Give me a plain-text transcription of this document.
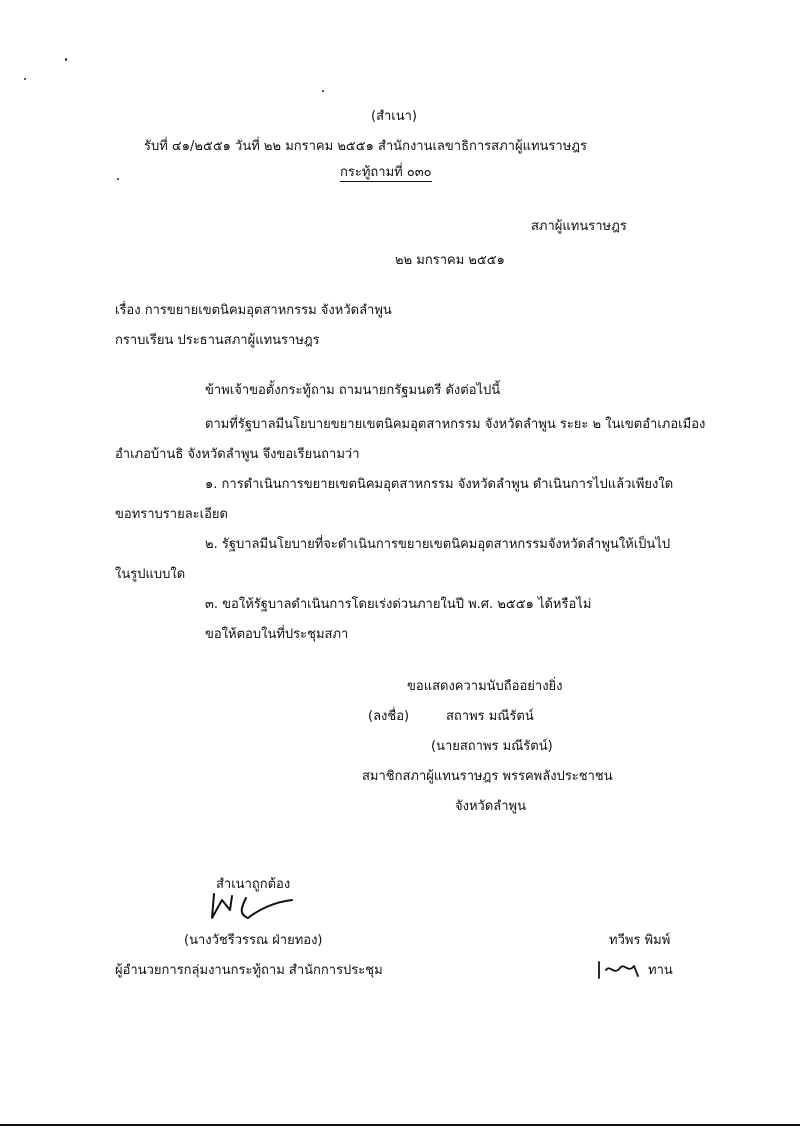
(สำเนา)
รับที่ ๔๑/๒๕๕๑ วันที่ ๒๒ มกราคม ๒๕๕๑ สำนักงานเลขาธิการสภาผู้แทนราษฎร
กระทู้ถามที่ ๐๓๐
สภาผู้แทนราษฎร
๒๒ มกราคม ๒๕๕๑
เรื่อง การขยายเขตนิคมอุตสาหกรรม จังหวัดลำพูน
กราบเรียน ประธานสภาผู้แทนราษฎร
ข้าพเจ้าขอตั้งกระทู้ถาม ถามนายกรัฐมนตรี ดังต่อไปนี้
ตามที่รัฐบาลมีนโยบายขยายเขตนิคมอุตสาหกรรม จังหวัดลำพูน ระยะ ๒ ในเขตอำเภอเมือง
อำเภอบ้านธิ จังหวัดลำพูน จึงขอเรียนถามว่า
๑. การดำเนินการขยายเขตนิคมอุตสาหกรรม จังหวัดลำพูน ดำเนินการไปแล้วเพียงใด
ขอทราบรายละเอียด
๒. รัฐบาลมีนโยบายที่จะดำเนินการขยายเขตนิคมอุตสาหกรรมจังหวัดลำพูนให้เป็นไป
ในรูปแบบใด
๓. ขอให้รัฐบาลดำเนินการโดยเร่งด่วนภายในปี พ.ศ. ๒๕๕๑ ได้หรือไม่
ขอให้ตอบในที่ประชุมสภา
ขอแสดงความนับถืออย่างยิ่ง
(ลงชื่อ)	สถาพร มณีรัตน์
(นายสถาพร มณีรัตน์)
สมาชิกสภาผู้แทนราษฎร พรรคพลังประชาชน
จังหวัดลำพูน
สำเนาถูกต้อง
(นางวัชรีวรรณ ฝ่ายทอง)
ผู้อำนวยการกลุ่มงานกระทู้ถาม สำนักการประชุม
ทวีพร พิมพ์
ทาน
